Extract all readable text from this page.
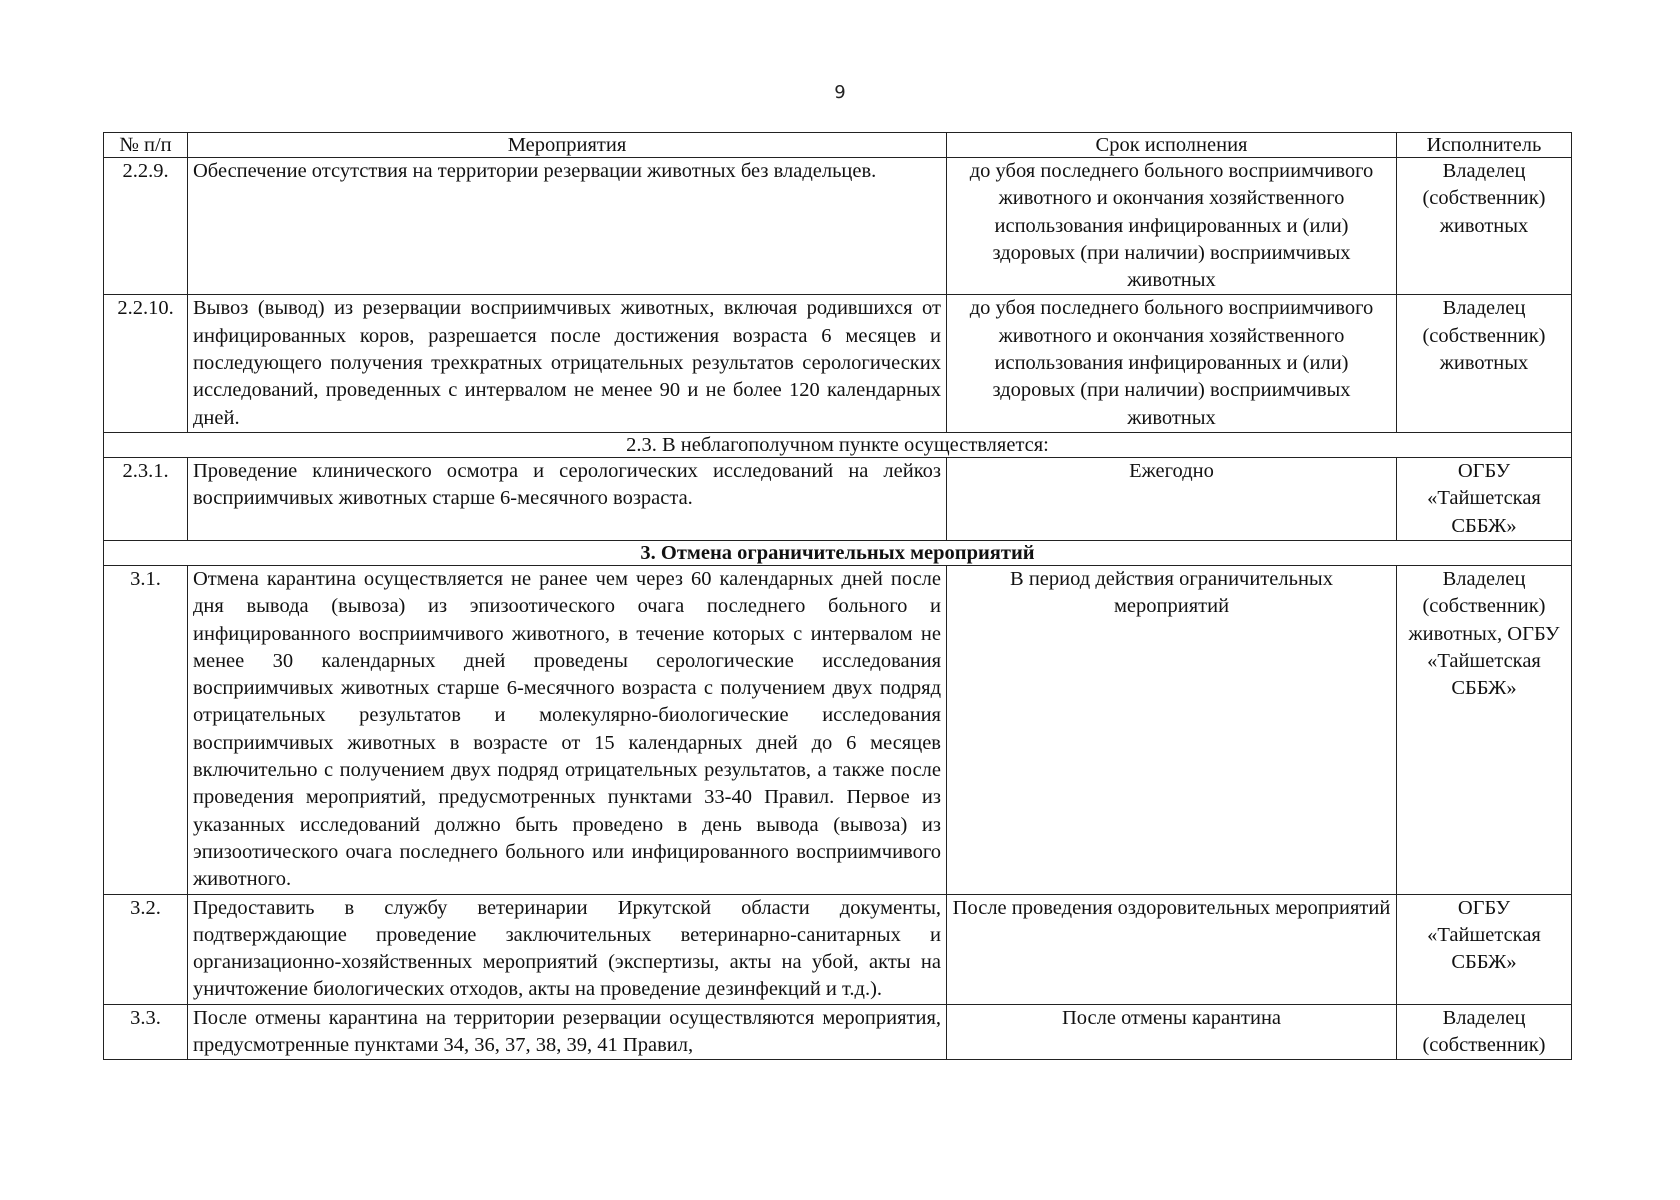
9
№ п/п	Мероприятия	Срок исполнения	Исполнитель
2.2.9.	Обеспечение отсутствия на территории резервации животных без владельцев.	до убоя последнего больного восприимчивого животного и окончания хозяйственного использования инфицированных и (или) здоровых (при наличии) восприимчивых животных	Владелец (собственник) животных
2.2.10.	Вывоз (вывод) из резервации восприимчивых животных, включая родившихся от инфицированных коров, разрешается после достижения возраста 6 месяцев и последующего получения трехкратных отрицательных результатов серологических исследований, проведенных с интервалом не менее 90 и не более 120 календарных дней.	до убоя последнего больного восприимчивого животного и окончания хозяйственного использования инфицированных и (или) здоровых (при наличии) восприимчивых животных	Владелец (собственник) животных
2.3. В неблагополучном пункте осуществляется:			
2.3.1.	Проведение клинического осмотра и серологических исследований на лейкоз восприимчивых животных старше 6-месячного возраста.	Ежегодно	ОГБУ «Тайшетская СББЖ»
3. Отмена ограничительных мероприятий			
3.1.	Отмена карантина осуществляется не ранее чем через 60 календарных дней после дня вывода (вывоза) из эпизоотического очага последнего больного и инфицированного восприимчивого животного, в течение которых с интервалом не менее 30 календарных дней проведены серологические исследования восприимчивых животных старше 6-месячного возраста с получением двух подряд отрицательных результатов и молекулярно-биологические исследования восприимчивых животных в возрасте от 15 календарных дней до 6 месяцев включительно с получением двух подряд отрицательных результатов, а также после проведения мероприятий, предусмотренных пунктами 33-40 Правил. Первое из указанных исследований должно быть проведено в день вывода (вывоза) из эпизоотического очага последнего больного или инфицированного восприимчивого животного.	В период действия ограничительных мероприятий	Владелец (собственник) животных, ОГБУ «Тайшетская СББЖ»
3.2.	Предоставить в службу ветеринарии Иркутской области документы, подтверждающие проведение заключительных ветеринарно-санитарных и организационно-хозяйственных мероприятий (экспертизы, акты на убой, акты на уничтожение биологических отходов, акты на проведение дезинфекций и т.д.).	После проведения оздоровительных мероприятий	ОГБУ «Тайшетская СББЖ»
3.3.	После отмены карантина на территории резервации осуществляются мероприятия, предусмотренные пунктами 34, 36, 37, 38, 39, 41 Правил,	После отмены карантина	Владелец (собственник)
